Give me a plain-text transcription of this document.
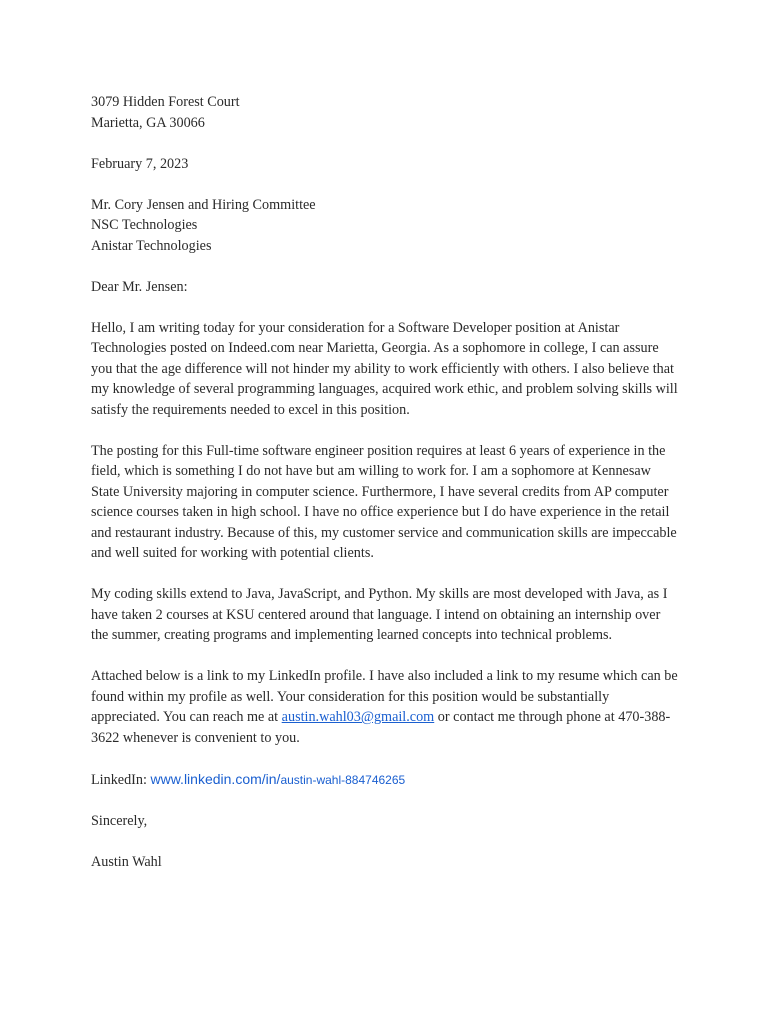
3079 Hidden Forest Court
Marietta, GA 30066
February 7, 2023
Mr. Cory Jensen and Hiring Committee
NSC Technologies
Anistar Technologies
Dear Mr. Jensen:

Hello, I am writing today for your consideration for a Software Developer position at Anistar Technologies posted on Indeed.com near Marietta, Georgia. As a sophomore in college, I can assure you that the age difference will not hinder my ability to work efficiently with others. I also believe that my knowledge of several programming languages, acquired work ethic, and problem solving skills will satisfy the requirements needed to excel in this position.

The posting for this Full-time software engineer position requires at least 6 years of experience in the field, which is something I do not have but am willing to work for. I am a sophomore at Kennesaw State University majoring in computer science. Furthermore, I have several credits from AP computer science courses taken in high school. I have no office experience but I do have experience in the retail and restaurant industry. Because of this, my customer service and communication skills are impeccable and well suited for working with potential clients.

My coding skills extend to Java, JavaScript, and Python. My skills are most developed with Java, as I have taken 2 courses at KSU centered around that language. I intend on obtaining an internship over the summer, creating programs and implementing learned concepts into technical problems.

Attached below is a link to my LinkedIn profile. I have also included a link to my resume which can be found within my profile as well. Your consideration for this position would be substantially appreciated. You can reach me at austin.wahl03@gmail.com or contact me through phone at 470-388-3622 whenever is convenient to you.

LinkedIn: www.linkedin.com/in/austin-wahl-884746265

Sincerely,

Austin Wahl
